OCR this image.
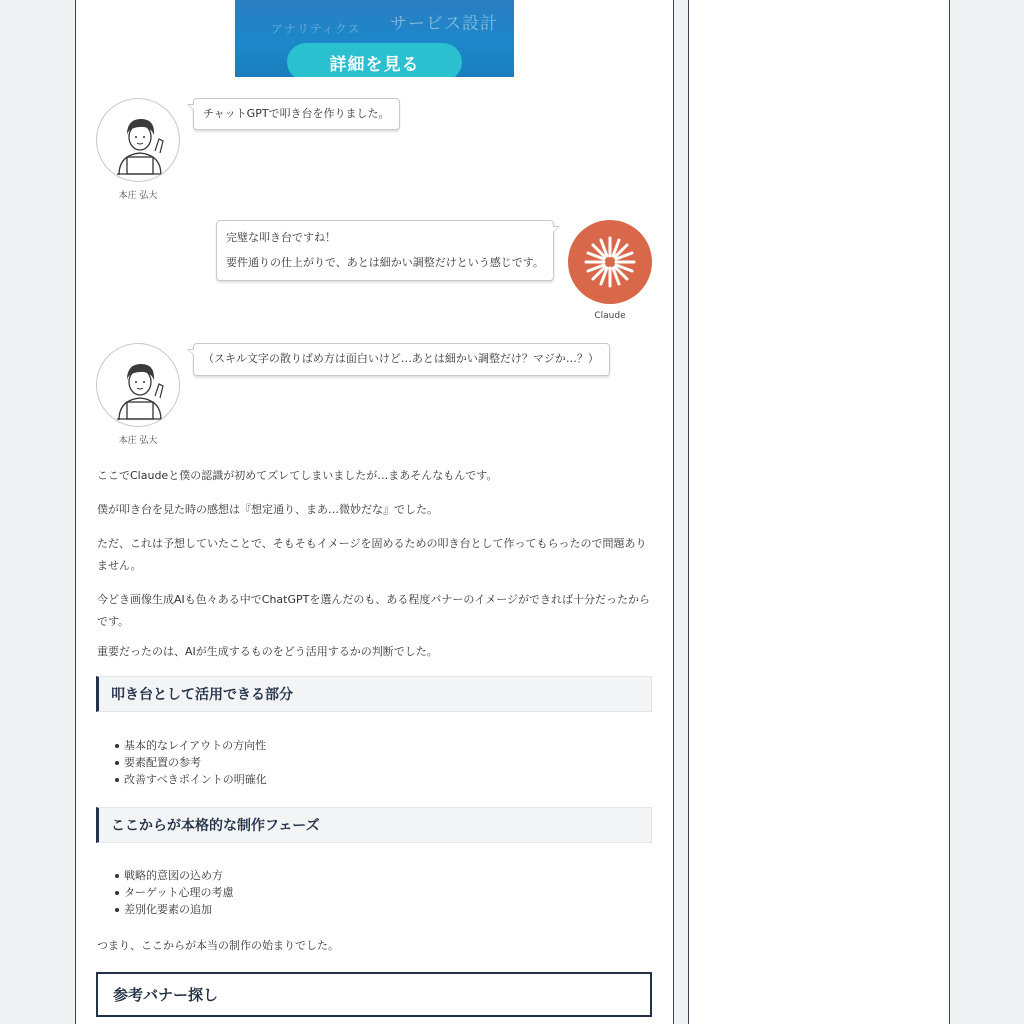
アナリティクス サービス設計
詳細を見る
本庄 弘大
チャットGPTで叩き台を作りました。
完璧な叩き台ですね！
要件通りの仕上がりで、あとは細かい調整だけという感じです。
Claude
本庄 弘大
（スキル文字の散りばめ方は面白いけど…あとは細かい調整だけ？マジか…？）

ここでClaudeと僕の認識が初めてズレてしまいましたが…まあそんなもんです。

僕が叩き台を見た時の感想は『想定通り、まあ…微妙だな』でした。

ただ、これは予想していたことで、そもそもイメージを固めるための叩き台として作ってもらったので問題ありません。

今どき画像生成AIも色々ある中でChatGPTを選んだのも、ある程度バナーのイメージができれば十分だったからです。

重要だったのは、AIが生成するものをどう活用するかの判断でした。

叩き台として活用できる部分
基本的なレイアウトの方向性
要素配置の参考
改善すべきポイントの明確化
ここからが本格的な制作フェーズ
戦略的意図の込め方
ターゲット心理の考慮
差別化要素の追加

つまり、ここからが本当の制作の始まりでした。

参考バナー探し
